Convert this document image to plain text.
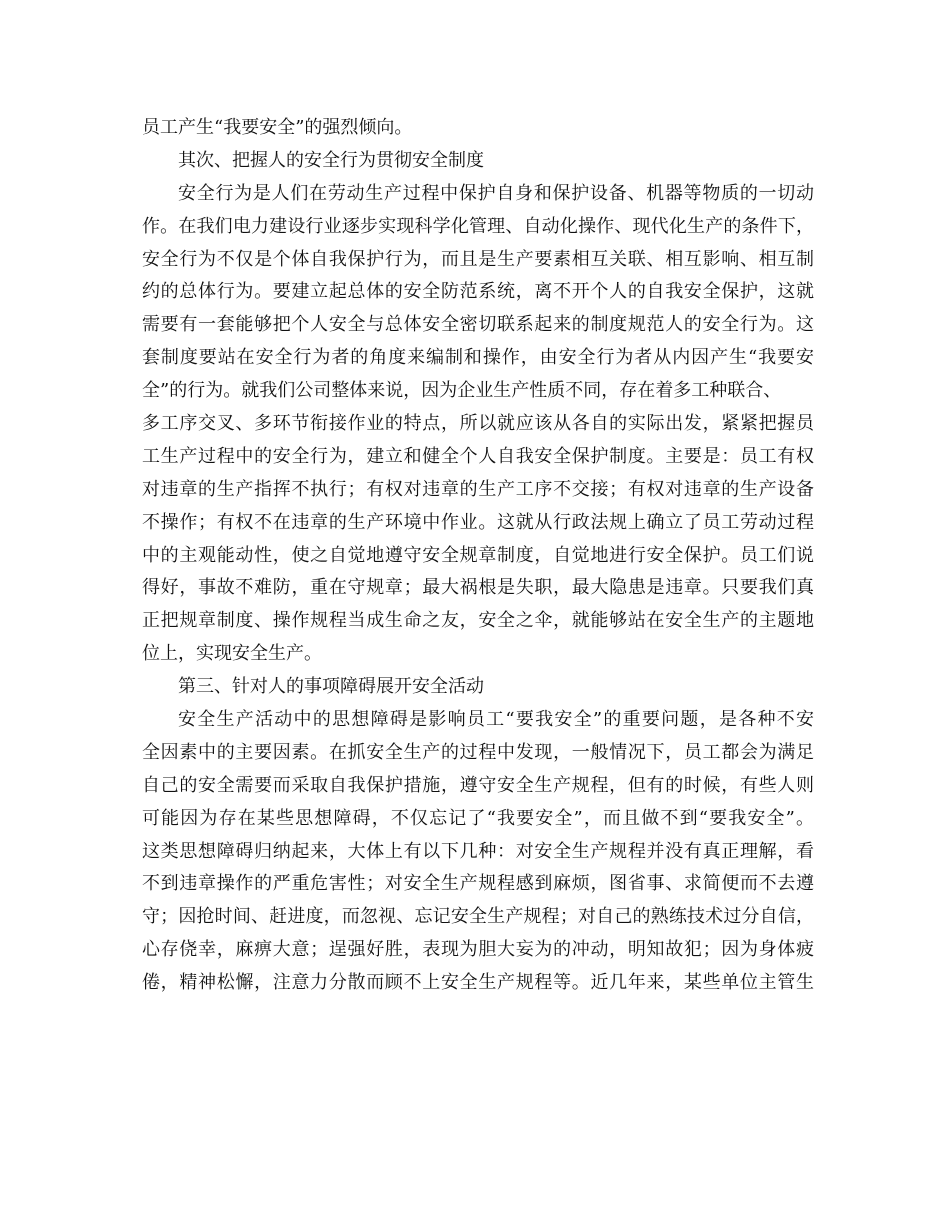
员工产生“我要安全”的强烈倾向。
其次、把握人的安全行为贯彻安全制度
安全行为是人们在劳动生产过程中保护自身和保护设备、机器等物质的一切动
作。在我们电力建设行业逐步实现科学化管理、自动化操作、现代化生产的条件下，
安全行为不仅是个体自我保护行为，而且是生产要素相互关联、相互影响、相互制
约的总体行为。要建立起总体的安全防范系统，离不开个人的自我安全保护，这就
需要有一套能够把个人安全与总体安全密切联系起来的制度规范人的安全行为。这
套制度要站在安全行为者的角度来编制和操作，由安全行为者从内因产生“我要安
全”的行为。就我们公司整体来说，因为企业生产性质不同，存在着多工种联合、
多工序交叉、多环节衔接作业的特点，所以就应该从各自的实际出发，紧紧把握员
工生产过程中的安全行为，建立和健全个人自我安全保护制度。主要是：员工有权
对违章的生产指挥不执行；有权对违章的生产工序不交接；有权对违章的生产设备
不操作；有权不在违章的生产环境中作业。这就从行政法规上确立了员工劳动过程
中的主观能动性，使之自觉地遵守安全规章制度，自觉地进行安全保护。员工们说
得好，事故不难防，重在守规章；最大祸根是失职，最大隐患是违章。只要我们真
正把规章制度、操作规程当成生命之友，安全之伞，就能够站在安全生产的主题地
位上，实现安全生产。
第三、针对人的事项障碍展开安全活动
安全生产活动中的思想障碍是影响员工“要我安全”的重要问题，是各种不安
全因素中的主要因素。在抓安全生产的过程中发现，一般情况下，员工都会为满足
自己的安全需要而采取自我保护措施，遵守安全生产规程，但有的时候，有些人则
可能因为存在某些思想障碍，不仅忘记了“我要安全”，而且做不到“要我安全”。
这类思想障碍归纳起来，大体上有以下几种：对安全生产规程并没有真正理解，看
不到违章操作的严重危害性；对安全生产规程感到麻烦，图省事、求简便而不去遵
守；因抢时间、赶进度，而忽视、忘记安全生产规程；对自己的熟练技术过分自信，
心存侥幸，麻痹大意；逞强好胜，表现为胆大妄为的冲动，明知故犯；因为身体疲
倦，精神松懈，注意力分散而顾不上安全生产规程等。近几年来，某些单位主管生
